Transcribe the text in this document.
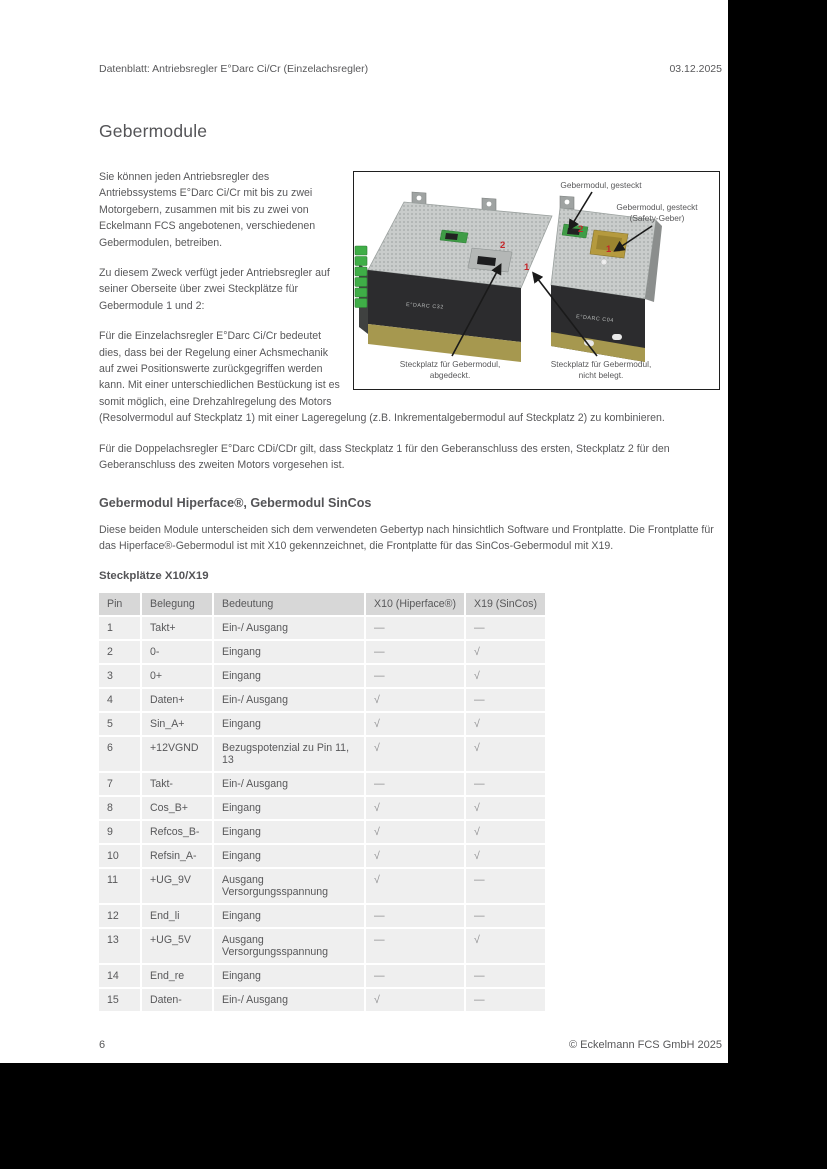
Datenblatt: Antriebsregler E°Darc Ci/Cr (Einzelachsregler)	03.12.2025
Gebermodule
E°DARC C32
2
1
E°DARC C04
2
1
Gebermodul, gesteckt
Gebermodul, gesteckt
(Safety-Geber)
Steckplatz für Gebermodul,
abgedeckt.
Steckplatz für Gebermodul,
nicht belegt.

Sie können jeden Antriebsregler des Antriebssystems E°Darc Ci/Cr mit bis zu zwei Motorgebern, zusammen mit bis zu zwei von Eckelmann FCS angebotenen, verschiedenen Gebermodulen, betreiben.

Zu diesem Zweck verfügt jeder Antriebsregler auf seiner Oberseite über zwei Steckplätze für Gebermodule 1 und 2:

Für die Einzelachsregler E°Darc Ci/Cr bedeutet dies, dass bei der Regelung einer Achsmechanik auf zwei Positionswerte zurückgegriffen werden kann. Mit einer unterschiedlichen Bestückung ist es somit möglich, eine Drehzahlregelung des Motors (Resolvermodul auf Steckplatz 1) mit einer Lageregelung (z.B. Inkrementalgebermodul auf Steckplatz 2) zu kombinieren.

Für die Doppelachsregler E°Darc CDi/CDr gilt, dass Steckplatz 1 für den Geberanschluss des ersten, Steckplatz 2 für den Geberanschluss des zweiten Motors vorgesehen ist.

Gebermodul Hiperface®, Gebermodul SinCos

Diese beiden Module unterscheiden sich dem verwendeten Gebertyp nach hinsichtlich Software und Frontplatte. Die Frontplatte für das Hiperface®-Gebermodul ist mit X10 gekennzeichnet, die Frontplatte für das SinCos-Gebermodul mit X19.

Steckplätze X10/X19
Pin	Belegung	Bedeutung	X10 (Hiperface®)	X19 (SinCos)
1	Takt+	Ein-/ Ausgang	—	—
2	0-	Eingang	—	√
3	0+	Eingang	—	√
4	Daten+	Ein-/ Ausgang	√	—
5	Sin_A+	Eingang	√	√
6	+12VGND	Bezugspotenzial zu Pin 11, 13	√	√
7	Takt-	Ein-/ Ausgang	—	—
8	Cos_B+	Eingang	√	√
9	Refcos_B-	Eingang	√	√
10	Refsin_A-	Eingang	√	√
11	+UG_9V	Ausgang Versorgungsspannung	√	—
12	End_li	Eingang	—	—
13	+UG_5V	Ausgang Versorgungsspannung	—	√
14	End_re	Eingang	—	—
15	Daten-	Ein-/ Ausgang	√	—
6	© Eckelmann FCS GmbH 2025
